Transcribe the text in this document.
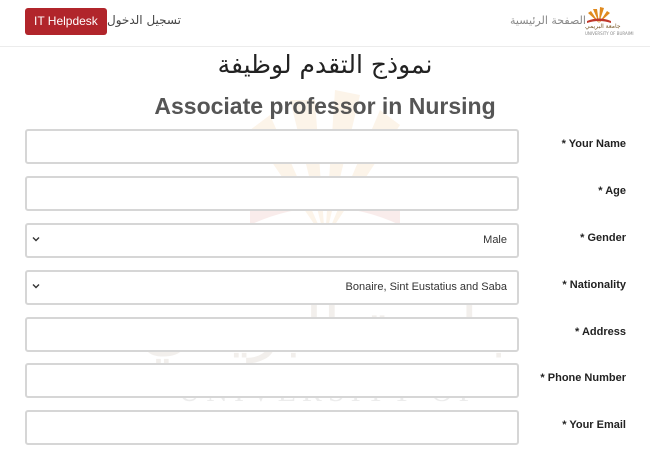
IT Helpdesk تسجيل الدخول	الصفحة الرئيسية جامعة البريمي
UNIVERSITY OF BURAIMI
نموذج التقدم لوظيفة
Associate professor in Nursing
* Your Name
* Age
Male	* Gender
Bonaire, Sint Eustatius and Saba	* Nationality
* Address
* Phone Number
* Your Email
